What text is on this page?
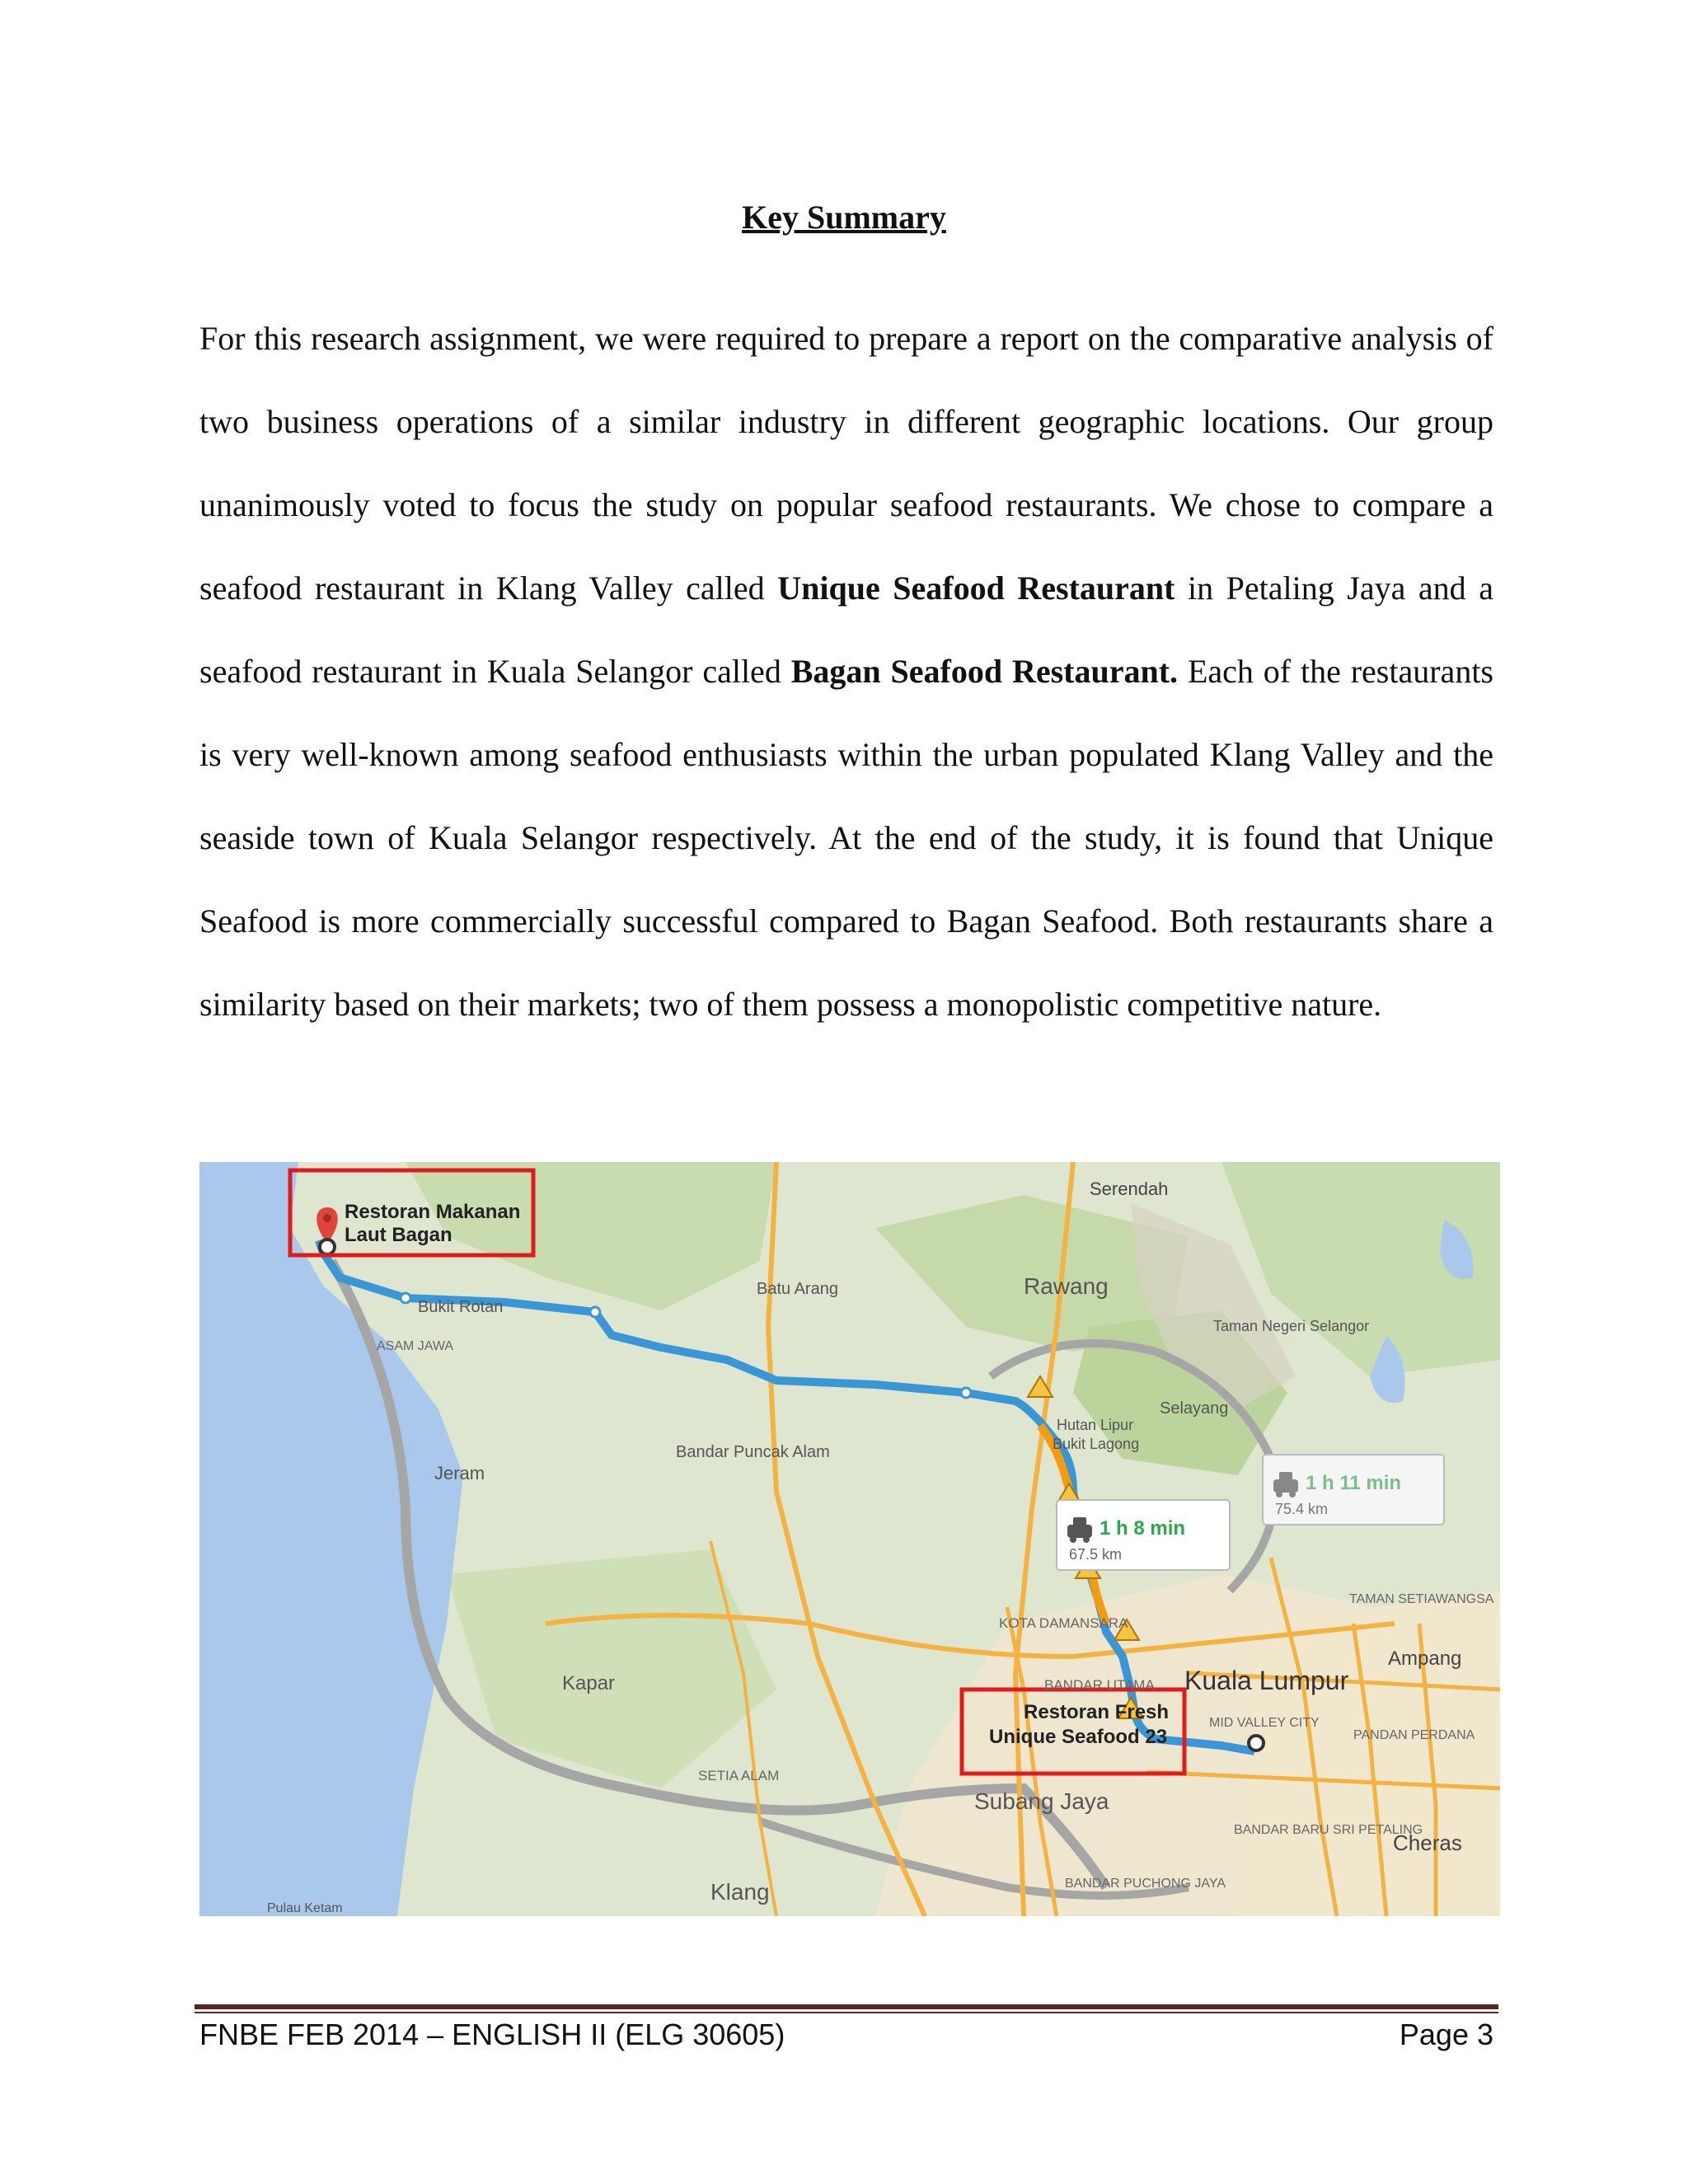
Key Summary

For this research assignment, we were required to prepare a report on the comparative analysis of two business operations of a similar industry in different geographic locations. Our group unanimously voted to focus the study on popular seafood restaurants. We chose to compare a seafood restaurant in Klang Valley called Unique Seafood Restaurant in Petaling Jaya and a seafood restaurant in Kuala Selangor called Bagan Seafood Restaurant. Each of the restaurants is very well-known among seafood enthusiasts within the urban populated Klang Valley and the seaside town of Kuala Selangor respectively. At the end of the study, it is found that Unique Seafood is more commercially successful compared to Bagan Seafood. Both restaurants share a similarity based on their markets; two of them possess a monopolistic competitive nature.

Restoran Makanan
Laut Bagan
Restoran Fresh
Unique Seafood 23
1 h 8 min
67.5 km
1 h 11 min
75.4 km
Serendah
Rawang
Batu Arang
Bukit Rotan
ASAM JAWA
Jeram
Bandar Puncak Alam
Kapar
Klang
Subang Jaya
Kuala Lumpur
Ampang
Cheras
Selayang
Hutan Lipur
Bukit Lagong
Taman Negeri Selangor
KOTA DAMANSARA
BANDAR UTAMA
SETIA ALAM
TAMAN SETIAWANGSA
PANDAN PERDANA
MID VALLEY CITY
BANDAR PUCHONG JAYA
BANDAR BARU SRI PETALING
Pulau Ketam
FNBE FEB 2014 – ENGLISH II (ELG 30605)	Page 3
